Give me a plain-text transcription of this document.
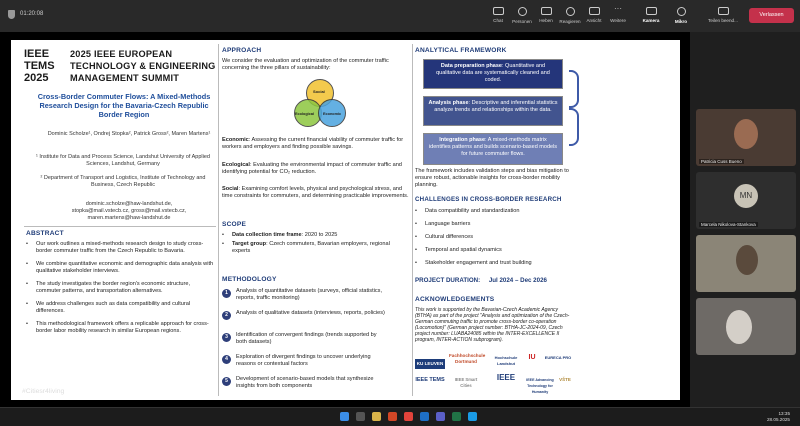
01:20:08
Chat	Personen	Heben	Reagieren	Ansicht
···
Weitere	Kamera	Mikro	Teilen beend...
Verlassen
IEEE TEMS
2025
2025 IEEE EUROPEAN TECHNOLOGY & ENGINEERING MANAGEMENT SUMMIT
Cross-Border Commuter Flows: A Mixed-Methods Research Design for the Bavaria-Czech Republic Border Region
Dominic Scholze¹, Ondrej Stopka², Patrick Gross², Maren Martens¹
¹ Institute for Data and Process Science, Landshut University of Applied Sciences, Landshut, Germany
² Department of Transport and Logistics, Institute of Technology and Business, Czech Republic
dominic.scholze@haw-landshut.de, stopka@mail.vstecb.cz, gross@mail.vstecb.cz, maren.martens@haw-landshut.de
ABSTRACT
• Our work outlines a mixed-methods research design to study cross-border commuter traffic from the Czech Republic to Bavaria.
• We combine quantitative economic and demographic data analysis with qualitative stakeholder interviews.
• The study investigates the border region's economic structure, commuter patterns, and transportation alternatives.
• We address challenges such as data compatibility and cultural differences.
• This methodological framework offers a replicable approach for cross-border labor mobility research in similar European regions.
APPROACH
We consider the evaluation and optimization of the commuter traffic concerning the three pillars of sustainability:
Social
Ecological Economic
Economic: Assessing the current financial viability of commuter traffic for workers and employers and finding possible savings.
Ecological: Evaluating the environmental impact of commuter traffic and identifying potential for CO₂ reduction.
Social: Examining comfort levels, physical and psychological stress, and time constraints for commuters, and determining practicable improvements.
SCOPE
• Data collection time frame: 2020 to 2025
• Target group: Czech commuters, Bavarian employers, regional experts
METHODOLOGY
1	Analysis of quantitative datasets (surveys, official statistics, reports, traffic monitoring)
2	Analysis of qualitative datasets (interviews, reports, policies)
3	Identification of convergent findings (trends supported by both datasets)
4	Exploration of divergent findings to uncover underlying reasons or contextual factors
5	Development of scenario-based models that synthesize insights from both components
ANALYTICAL FRAMEWORK
Data preparation phase: Quantitative and qualitative data are systematically cleaned and coded.
Analysis phase: Descriptive and inferential statistics analyze trends and relationships within the data.
Integration phase: A mixed-methods matrix identifies patterns and builds scenario-based models for future commuter flows.
The framework includes validation steps and bias mitigation to ensure robust, actionable insights for cross-border mobility planning.
CHALLENGES IN CROSS-BORDER RESEARCH
• Data compatibility and standardization
• Language barriers
• Cultural differences
• Temporal and spatial dynamics
• Stakeholder engagement and trust building
PROJECT DURATION: Jul 2024 – Dec 2026
ACKNOWLEDGEMENTS
This work is supported by the Bavarian-Czech Academic Agency (BTHA) as part of the project "Analysis and optimization of the Czech-German commuting traffic to promote cross-border co-operation (Locomotion)" (German project number: BTHA-JC-2024-09, Czech project number: LUABA24085 within the INTER-EXCELLENCE II program, INTER-ACTION subprogram).
KU LEUVEN
Fachhochschule Dortmund
Hochschule Landshut
IU	EURECA PRO
IEEE TEMS	IEEE Smart Cities
IEEE	IEEE Advancing Technology for Humanity
VŠTE
#Citiesr4living
Patricia Cuss Bueno
MN
Marcela Nikolova-Stankova
13:35
28.05.2025
